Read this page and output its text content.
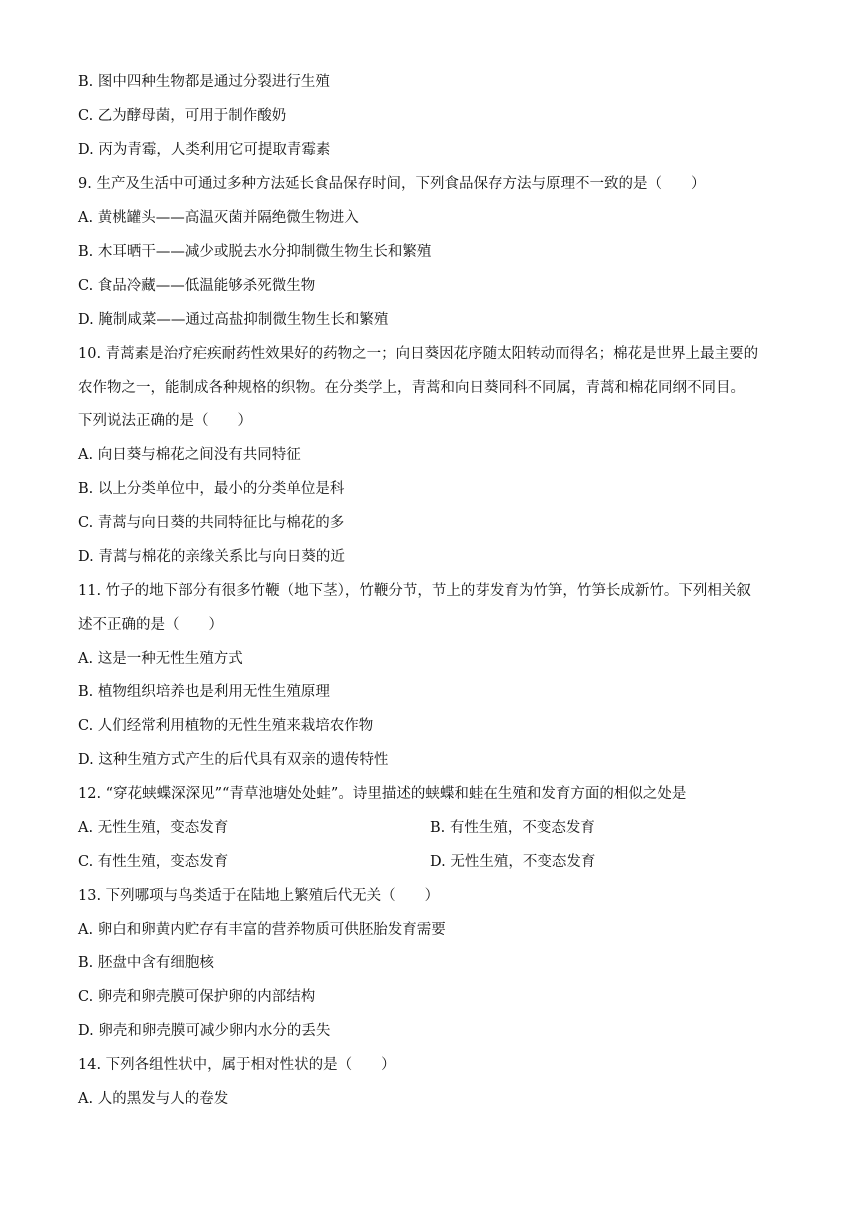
B. 图中四种生物都是通过分裂进行生殖
C. 乙为酵母菌，可用于制作酸奶
D. 丙为青霉，人类利用它可提取青霉素
9. 生产及生活中可通过多种方法延长食品保存时间，下列食品保存方法与原理不一致的是（　　）
A. 黄桃罐头——高温灭菌并隔绝微生物进入
B. 木耳晒干——减少或脱去水分抑制微生物生长和繁殖
C. 食品冷藏——低温能够杀死微生物
D. 腌制咸菜——通过高盐抑制微生物生长和繁殖
10. 青蒿素是治疗疟疾耐药性效果好的药物之一；向日葵因花序随太阳转动而得名；棉花是世界上最主要的
农作物之一，能制成各种规格的织物。在分类学上，青蒿和向日葵同科不同属，青蒿和棉花同纲不同目。
下列说法正确的是（　　）
A. 向日葵与棉花之间没有共同特征
B. 以上分类单位中，最小的分类单位是科
C. 青蒿与向日葵的共同特征比与棉花的多
D. 青蒿与棉花的亲缘关系比与向日葵的近
11. 竹子的地下部分有很多竹鞭（地下茎），竹鞭分节，节上的芽发育为竹笋，竹笋长成新竹。下列相关叙
述不正确的是（　　）
A. 这是一种无性生殖方式
B. 植物组织培养也是利用无性生殖原理
C. 人们经常利用植物的无性生殖来栽培农作物
D. 这种生殖方式产生的后代具有双亲的遗传特性
12. “穿花蛱蝶深深见”“青草池塘处处蛙”。诗里描述的蛱蝶和蛙在生殖和发育方面的相似之处是
A. 无性生殖，变态发育	B. 有性生殖，不变态发育
C. 有性生殖，变态发育	D. 无性生殖，不变态发育
13. 下列哪项与鸟类适于在陆地上繁殖后代无关（　　）
A. 卵白和卵黄内贮存有丰富的营养物质可供胚胎发育需要
B. 胚盘中含有细胞核
C. 卵壳和卵壳膜可保护卵的内部结构
D. 卵壳和卵壳膜可减少卵内水分的丢失
14. 下列各组性状中，属于相对性状的是（　　）
A. 人的黑发与人的卷发
